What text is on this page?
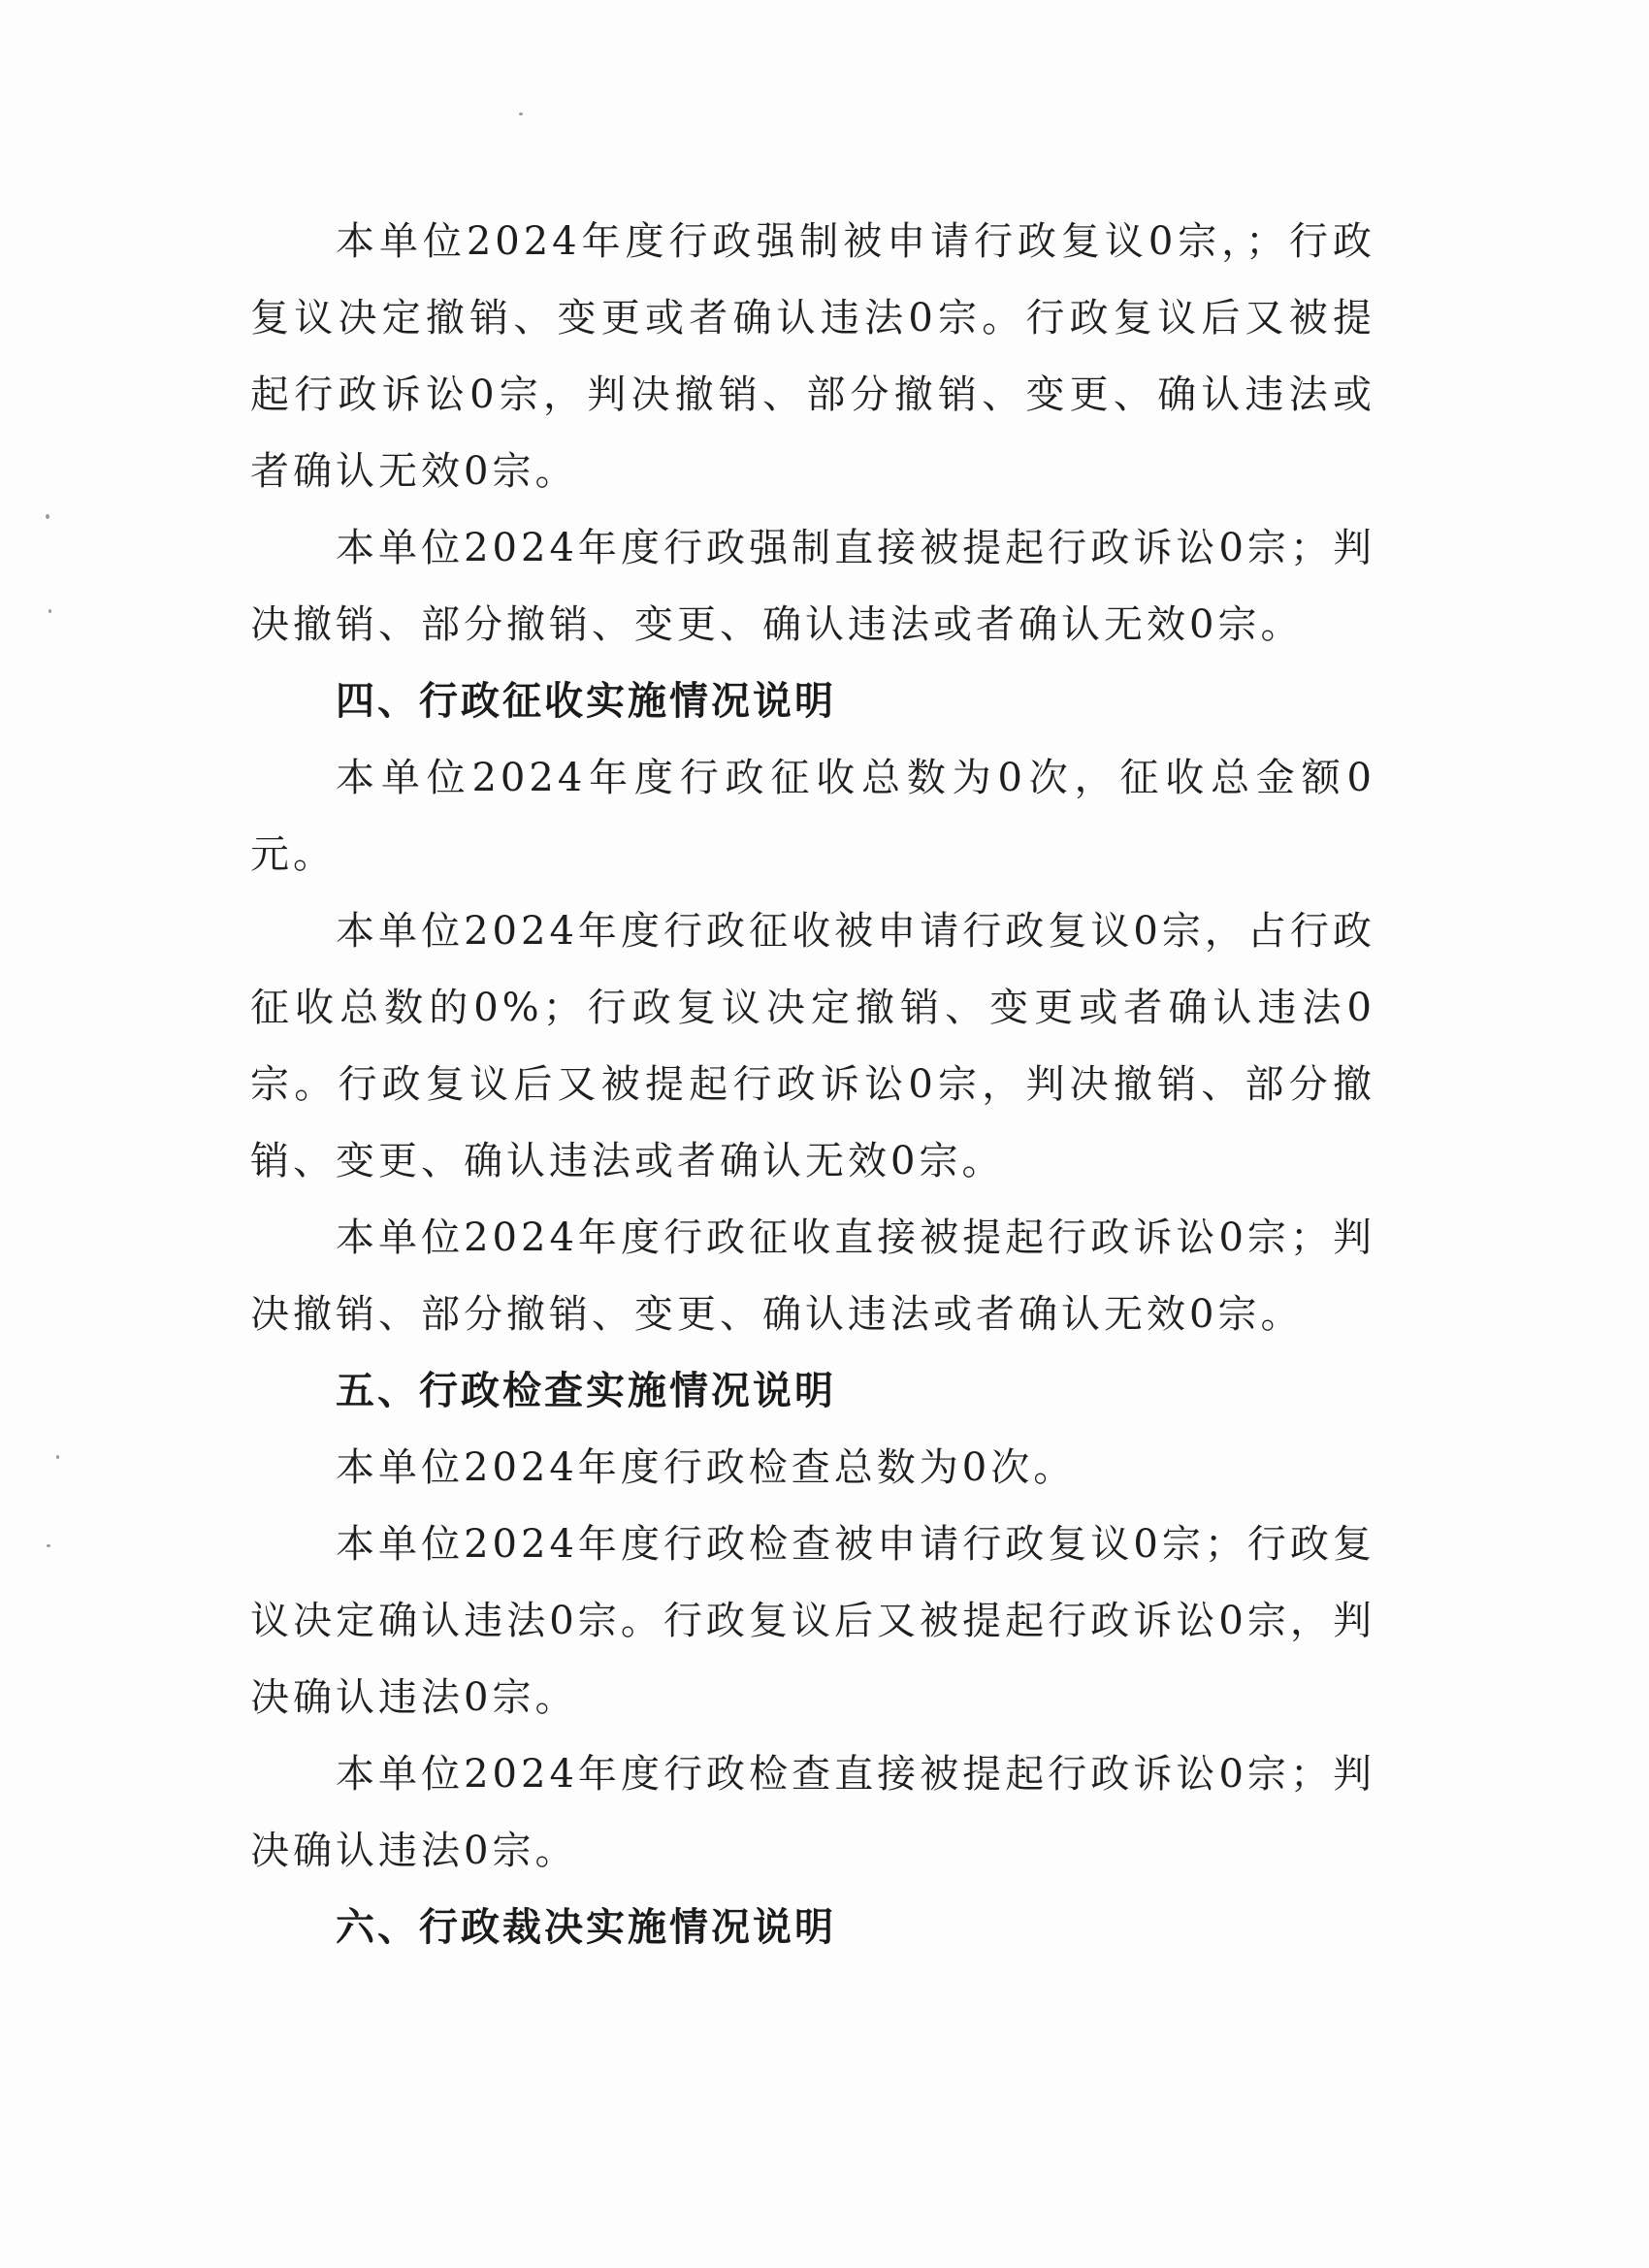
本单位2024年度行政强制被申请行政复议0宗，；行政复议决定撤销、变更或者确认违法0宗。行政复议后又被提起行政诉讼0宗，判决撤销、部分撤销、变更、确认违法或者确认无效0宗。

本单位2024年度行政强制直接被提起行政诉讼0宗；判决撤销、部分撤销、变更、确认违法或者确认无效0宗。

四、行政征收实施情况说明

本单位2024年度行政征收总数为0次，征收总金额0元。

本单位2024年度行政征收被申请行政复议0宗，占行政征收总数的0%；行政复议决定撤销、变更或者确认违法0宗。行政复议后又被提起行政诉讼0宗，判决撤销、部分撤销、变更、确认违法或者确认无效0宗。

本单位2024年度行政征收直接被提起行政诉讼0宗；判决撤销、部分撤销、变更、确认违法或者确认无效0宗。

五、行政检查实施情况说明

本单位2024年度行政检查总数为0次。

本单位2024年度行政检查被申请行政复议0宗；行政复议决定确认违法0宗。行政复议后又被提起行政诉讼0宗，判决确认违法0宗。

本单位2024年度行政检查直接被提起行政诉讼0宗；判决确认违法0宗。

六、行政裁决实施情况说明
